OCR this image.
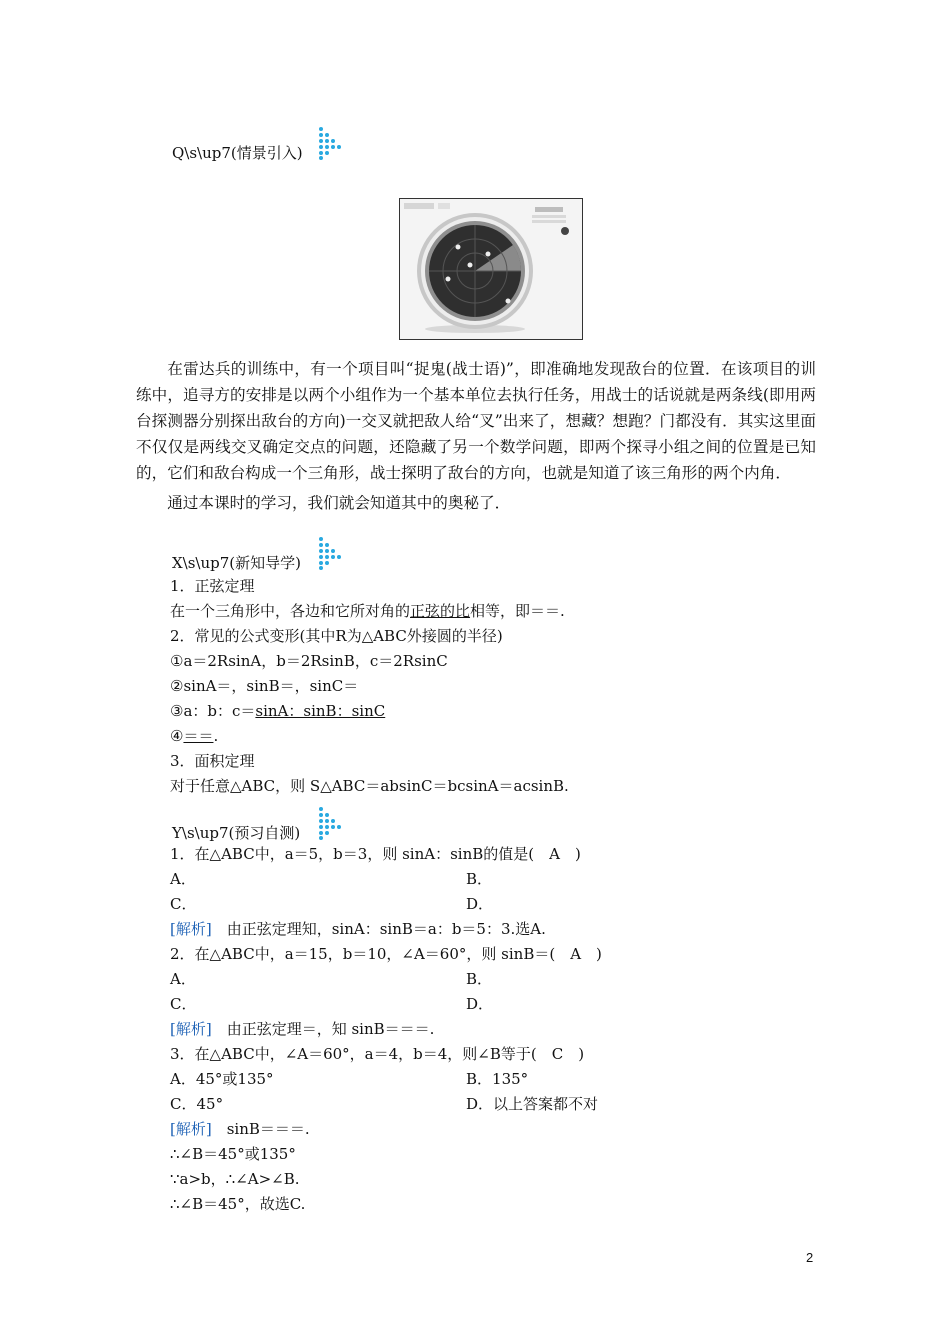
Q\s\up7(情景引入)

在雷达兵的训练中，有一个项目叫“捉鬼(战士语)”，即准确地发现敌台的位置．在该项目的训练中，追寻方的安排是以两个小组作为一个基本单位去执行任务，用战士的话说就是两条线(即用两台探测器分别探出敌台的方向)一交叉就把敌人给“叉”出来了，想藏？想跑？门都没有．其实这里面不仅仅是两线交叉确定交点的问题，还隐藏了另一个数学问题，即两个探寻小组之间的位置是已知的，它们和敌台构成一个三角形，战士探明了敌台的方向，也就是知道了该三角形的两个内角．

通过本课时的学习，我们就会知道其中的奥秘了．

X\s\up7(新知导学)
1．正弦定理
在一个三角形中，各边和它所对角的正弦的比相等，即＝＝.
2．常见的公式变形(其中R为△ABC外接圆的半径)
①a＝2RsinA，b＝2RsinB，c＝2RsinC
②sinA＝，sinB＝，sinC＝
③a：b：c＝sinA：sinB：sinC
④＝＝.
3．面积定理
对于任意△ABC，则 S△ABC＝absinC＝bcsinA＝acsinB.
Y\s\up7(预习自测)
1．在△ABC中，a＝5，b＝3，则 sinA：sinB的值是(　A　)
A．	B．
C．	D．
[解析]　由正弦定理知，sinA：sinB＝a：b＝5：3.选A.
2．在△ABC中，a＝15，b＝10，∠A＝60°，则 sinB＝(　A　)
A．	B．
C．	D．
[解析]　由正弦定理＝，知 sinB＝＝＝.
3．在△ABC中，∠A＝60°，a＝4，b＝4，则∠B等于(　C　)
A．45°或135°	B．135°
C．45°	D．以上答案都不对
[解析]　sinB＝＝＝.
∴∠B＝45°或135°
∵a>b，∴∠A>∠B.
∴∠B＝45°，故选C.
2
